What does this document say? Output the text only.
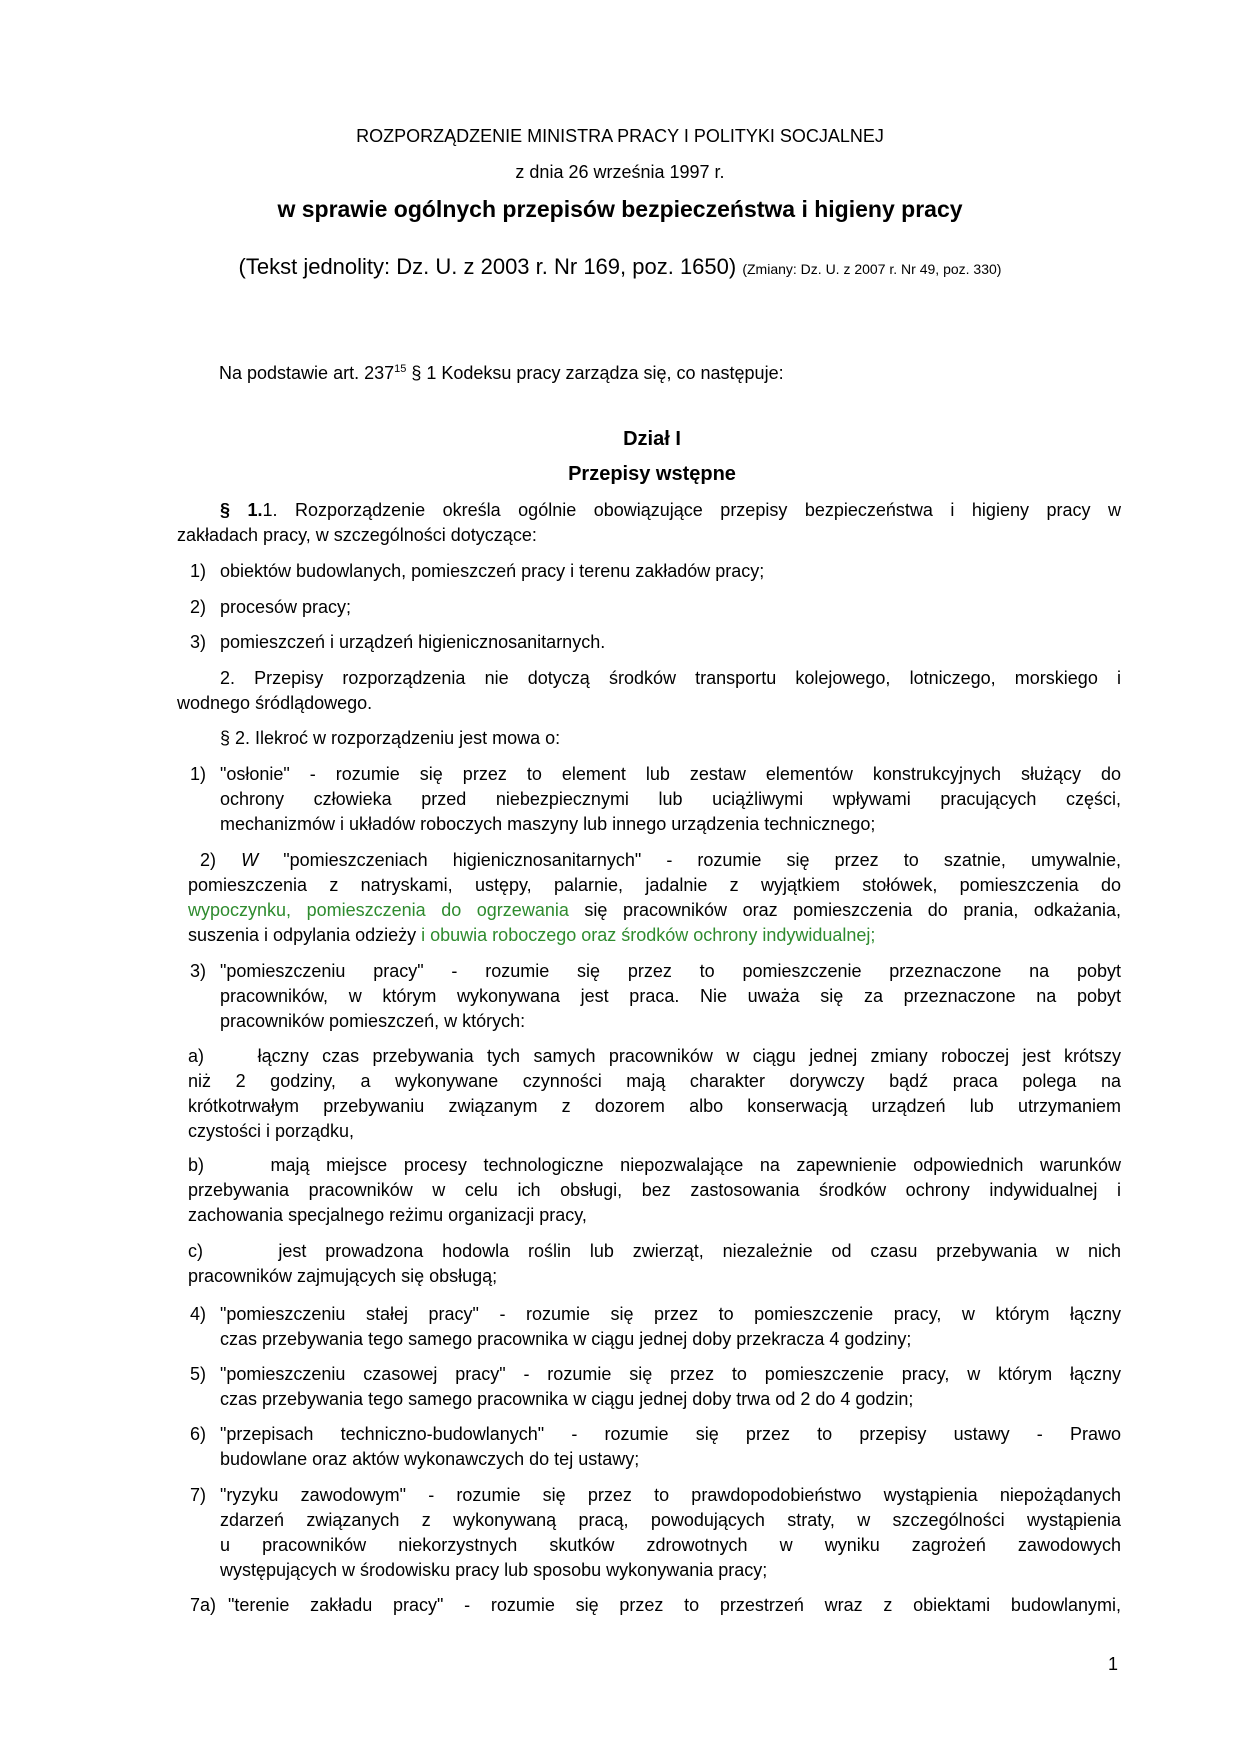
ROZPORZĄDZENIE MINISTRA PRACY I POLITYKI SOCJALNEJ
z dnia 26 września 1997 r.
w sprawie ogólnych przepisów bezpieczeństwa i higieny pracy
(Tekst jednolity: Dz. U. z 2003 r. Nr 169, poz. 1650) (Zmiany: Dz. U. z 2007 r. Nr 49, poz. 330)
Na podstawie art. $237^{15}$ § 1 Kodeksu pracy zarządza się, co następuje:
Dział I
Przepisy wstępne
§ 1.1. Rozporządzenie określa ogólnie obowiązujące przepisy bezpieczeństwa i higieny pracy w
zakładach pracy, w szczególności dotyczące:
1) obiektów budowlanych, pomieszczeń pracy i terenu zakładów pracy;
2) procesów pracy;
3) pomieszczeń i urządzeń higienicznosanitarnych.
2. Przepisy rozporządzenia nie dotyczą środków transportu kolejowego, lotniczego, morskiego i
wodnego śródlądowego.
§ 2. Ilekroć w rozporządzeniu jest mowa o:
1) "osłonie" - rozumie się przez to element lub zestaw elementów konstrukcyjnych służący do
ochrony człowieka przed niebezpiecznymi lub uciążliwymi wpływami pracujących części,
mechanizmów i układów roboczych maszyny lub innego urządzenia technicznego;
2) W "pomieszczeniach higienicznosanitarnych" - rozumie się przez to szatnie, umywalnie,
pomieszczenia z natryskami, ustępy, palarnie, jadalnie z wyjątkiem stołówek, pomieszczenia do
wypoczynku, pomieszczenia do ogrzewania się pracowników oraz pomieszczenia do prania, odkażania,
suszenia i odpylania odzieży i obuwia roboczego oraz środków ochrony indywidualnej;
3) "pomieszczeniu pracy" - rozumie się przez to pomieszczenie przeznaczone na pobyt
pracowników, w którym wykonywana jest praca. Nie uważa się za przeznaczone na pobyt
pracowników pomieszczeń, w których:
a)    łączny czas przebywania tych samych pracowników w ciągu jednej zmiany roboczej jest krótszy
niż 2 godziny, a wykonywane czynności mają charakter dorywczy bądź praca polega na
krótkotrwałym przebywaniu związanym z dozorem albo konserwacją urządzeń lub utrzymaniem
czystości i porządku,
b)    mają miejsce procesy technologiczne niepozwalające na zapewnienie odpowiednich warunków
przebywania pracowników w celu ich obsługi, bez zastosowania środków ochrony indywidualnej i
zachowania specjalnego reżimu organizacji pracy,
c)    jest prowadzona hodowla roślin lub zwierząt, niezależnie od czasu przebywania w nich
pracowników zajmujących się obsługą;
4) "pomieszczeniu stałej pracy" - rozumie się przez to pomieszczenie pracy, w którym łączny
czas przebywania tego samego pracownika w ciągu jednej doby przekracza 4 godziny;
5) "pomieszczeniu czasowej pracy" - rozumie się przez to pomieszczenie pracy, w którym łączny
czas przebywania tego samego pracownika w ciągu jednej doby trwa od 2 do 4 godzin;
6) "przepisach techniczno-budowlanych" - rozumie się przez to przepisy ustawy - Prawo
budowlane oraz aktów wykonawczych do tej ustawy;
7) "ryzyku zawodowym" - rozumie się przez to prawdopodobieństwo wystąpienia niepożądanych
zdarzeń związanych z wykonywaną pracą, powodujących straty, w szczególności wystąpienia
u pracowników niekorzystnych skutków zdrowotnych w wyniku zagrożeń zawodowych
występujących w środowisku pracy lub sposobu wykonywania pracy;
7a) "terenie zakładu pracy" - rozumie się przez to przestrzeń wraz z obiektami budowlanymi,
1
